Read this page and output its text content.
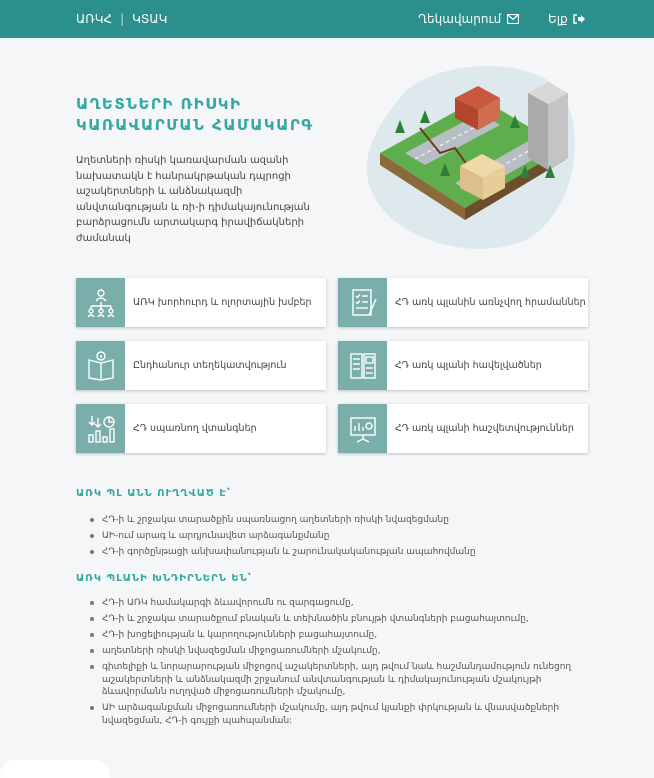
ԱՌԿՀ | ԿՏԱԿ	Ղեկավարում	Ելք
ԱՂԵՏՆԵՐԻ ՌԻՍԿԻ ԿԱՌԱՎԱՐՄԱՆ ՀԱՄԱԿԱՐԳ
Աղետների ռիսկի կառավարման ազանի նախատակն է հանրակրթական դպրոցի աշակերտների և անձնակազմի անվտանգության և ռի-ի դիմակայունության բարձրացումն արտակարգ իրավիճակների ժամանակ
ԱՌԿ խորհուրդ և ոլորտային խմբեր	ՀԴ առկ պլանին առնչվող հրամաններ
Ընդհանուր տեղեկատվություն	ՀԴ առկ պլանի հավելվածներ
ՀԴ սպառնող վտանգներ	ՀԴ առկ պլանի հաշվետվություններ
ԱՌԿ ՊԼ ԱՆՆ ՈՒՂՂՎԱԾ Է՝
ՀԴ-ի և շրջակա տարածքին սպառնացող աղետների ռիսկի նվազեցմանը
ԱԻ-ում արագ և արդյունավետ արձագանքմանը
ՀԴ-ի գործընթացի անխափանության և շարունակականության ապահովմանը
ԱՌԿ ՊԼԱՆԻ ԽՆԴԻՐՆԵՐՆ ԵՆ՝
ՀԴ-ի ԱՌԿ համակարգի ձևավորումն ու զարգացումը,
ՀԴ-ի և շրջակա տարածքում բնական և տեխնածին բնույթի վտանգների բացահայտումը,
ՀԴ-ի խոցելիության և կարողությունների բացահայտումը,
աղետների ռիսկի նվազեցման միջոցառումների մշակումը,
գիտելիքի և նորարարության միջոցով աշակերտների, այդ թվում նաև հաշմանդամություն ունեցող աշակերտների և անձնակազմի շրջանում անվտանգության և դիմակայունության մշակույթի ձևավորմանն ուղղված միջոցառումների մշակումը,
ԱԻ արձագանքման միջոցառումների մշակումը, այդ թվում կյանքի փրկության և վնասվածքների նվազեցման, ՀԴ-ի գույքի պահպանման:
